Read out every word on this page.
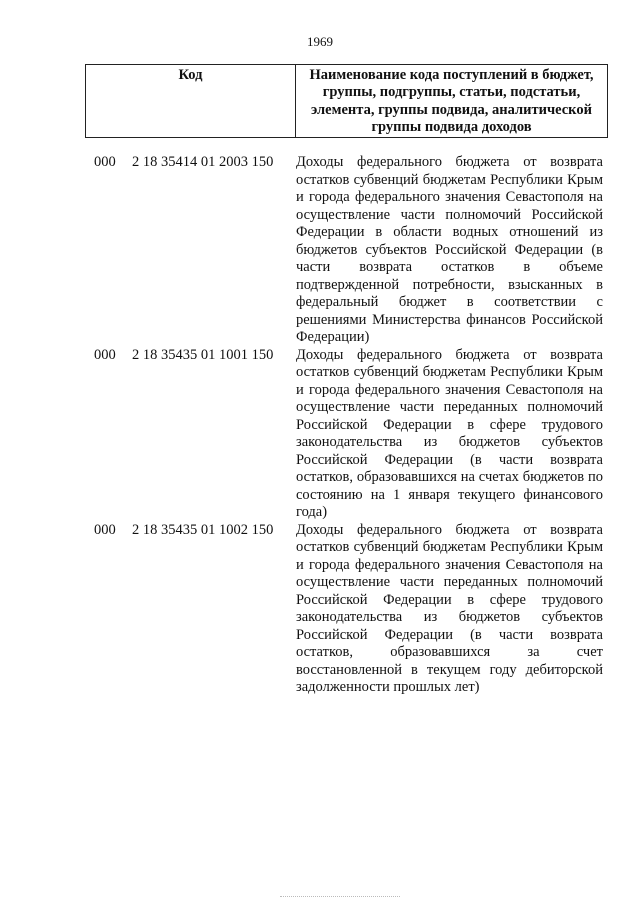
1969
Код	Наименование кода поступлений в бюджет, группы, подгруппы, статьи, подстатьи, элемента, группы подвида, аналитической группы подвида доходов
000	2 18 35414 01 2003 150	Доходы федерального бюджета от возврата остатков субвенций бюджетам Республики Крым и города федерального значения Севастополя на осуществление части полномочий Российской Федерации в области водных отношений из бюджетов субъектов Российской Федерации (в части возврата остатков в объеме подтвержденной потребности, взысканных в федеральный бюджет в соответствии с решениями Министерства финансов Российской Федерации)
000	2 18 35435 01 1001 150	Доходы федерального бюджета от возврата остатков субвенций бюджетам Республики Крым и города федерального значения Севастополя на осуществление части переданных полномочий Российской Федерации в сфере трудового законодательства из бюджетов субъектов Российской Федерации (в части возврата остатков, образовавшихся на счетах бюджетов по состоянию на 1 января текущего финансового года)
000	2 18 35435 01 1002 150	Доходы федерального бюджета от возврата остатков субвенций бюджетам Республики Крым и города федерального значения Севастополя на осуществление части переданных полномочий Российской Федерации в сфере трудового законодательства из бюджетов субъектов Российской Федерации (в части возврата остатков, образовавшихся за счет восстановленной в текущем году дебиторской задолженности прошлых лет)
